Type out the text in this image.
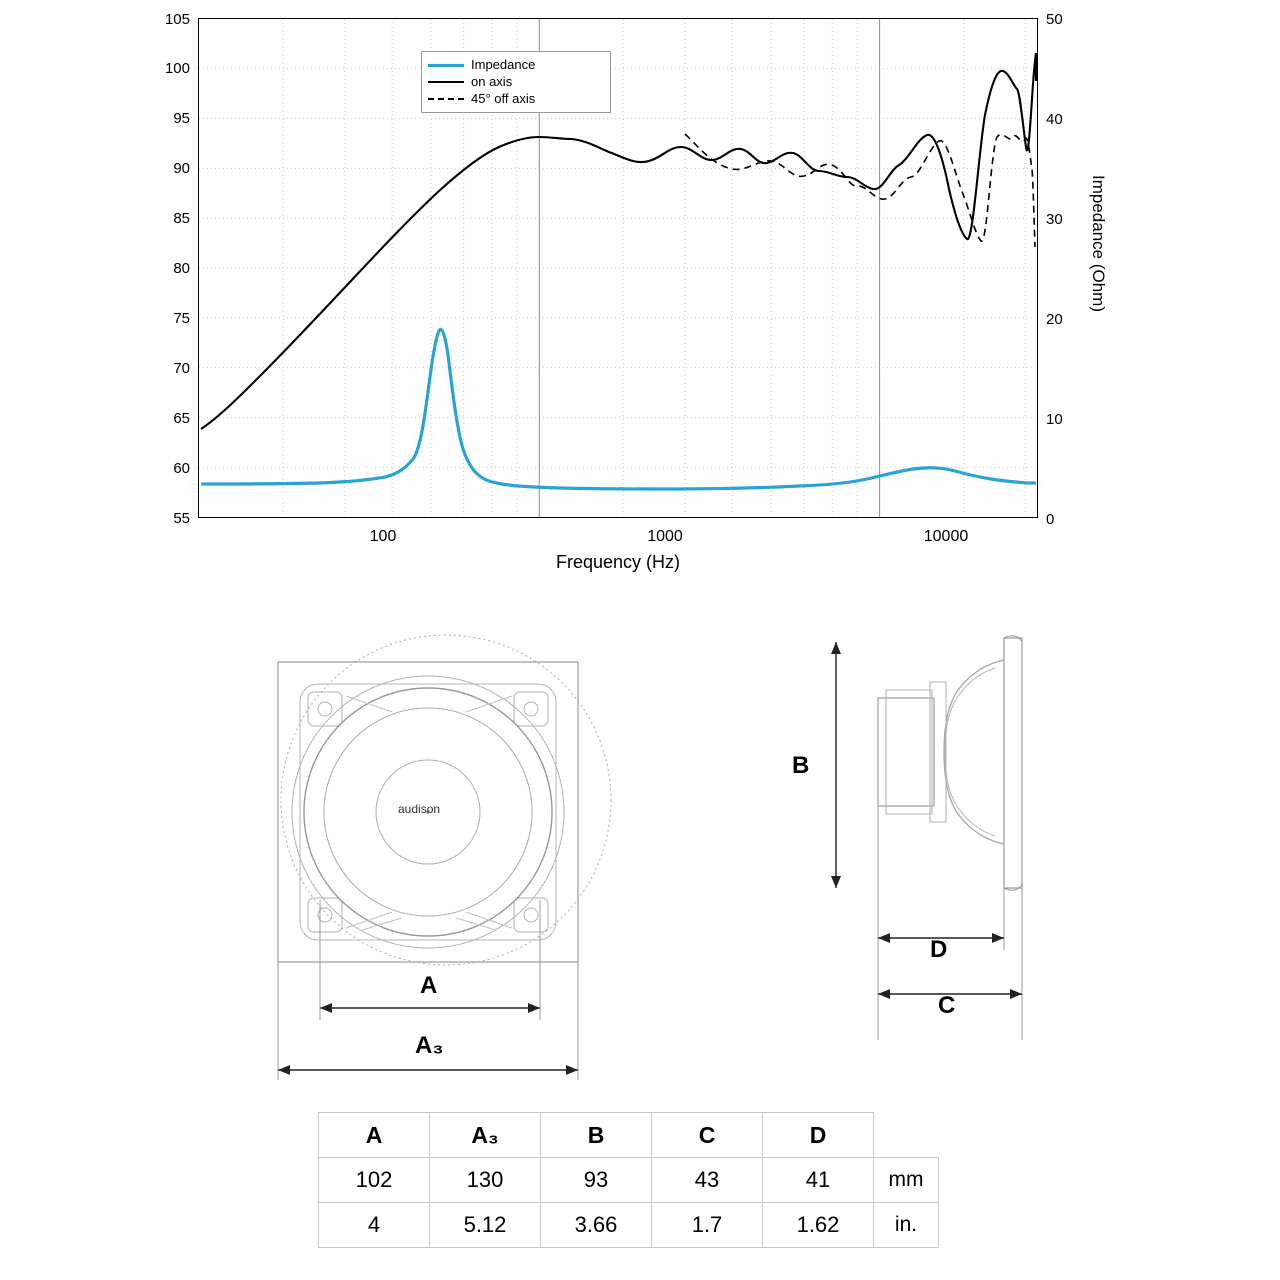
Impedance (Ohm)
Frequency (Hz)
105
100
95
90
85
80
75
70
65
60
55
50
40
30
20
10
0
100	1000	10000
Impedance
on axis
45° off axis
audison
A
A₃
B
D
C
A	A₃	B	C	D	
102	130	93	43	41	mm
4	5.12	3.66	1.7	1.62	in.
